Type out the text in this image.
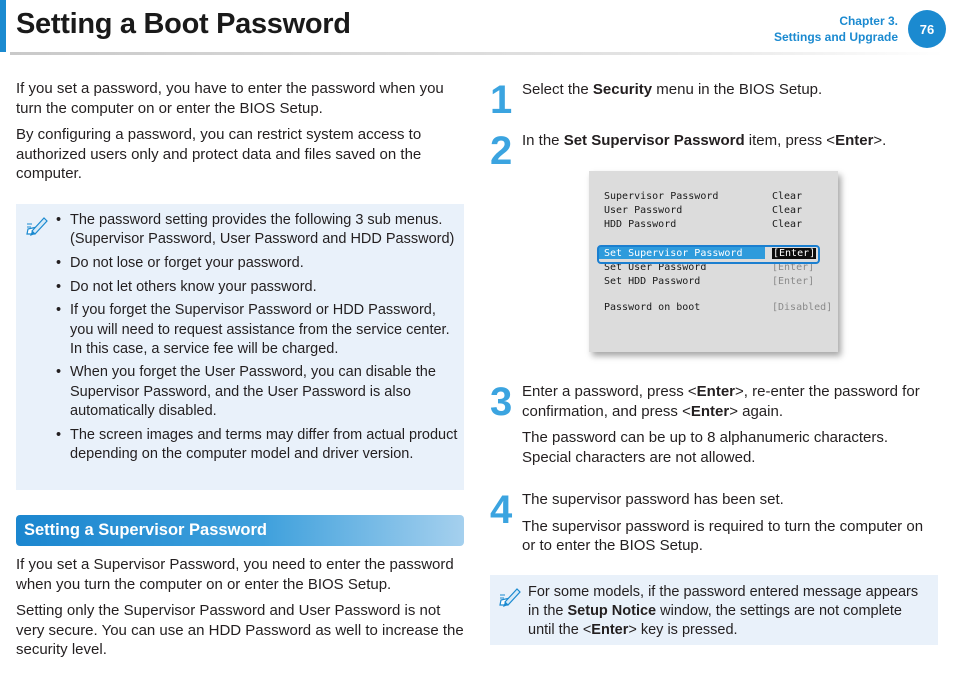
Setting a Boot Password	Chapter 3.
Settings and Upgrade
76

If you set a password, you have to enter the password when you turn the computer on or enter the BIOS Setup.

By configuring a password, you can restrict system access to authorized users only and protect data and files saved on the computer.

• The password setting provides the following 3 sub menus. (Supervisor Password, User Password and HDD Password)
• Do not lose or forget your password.
• Do not let others know your password.
• If you forget the Supervisor Password or HDD Password, you will need to request assistance from the service center. In this case, a service fee will be charged.
• When you forget the User Password, you can disable the Supervisor Password, and the User Password is also automatically disabled.
• The screen images and terms may differ from actual product depending on the computer model and driver version.
Setting a Supervisor Password

If you set a Supervisor Password, you need to enter the password when you turn the computer on or enter the BIOS Setup.

Setting only the Supervisor Password and User Password is not very secure. You can use an HDD Password as well to increase the security level.

1 Select the Security menu in the BIOS Setup.

2 In the Set Supervisor Password item, press <Enter>.

Supervisor Password	Clear
User Password	Clear
HDD Password	Clear
Set Supervisor Password	[Enter]
Set User Password	[Enter]
Set HDD Password	[Enter]
Password on boot	[Disabled]
3 Enter a password, press <Enter>, re-enter the password for confirmation, and press <Enter> again.

The password can be up to 8 alphanumeric characters. Special characters are not allowed.

4 The supervisor password has been set.

The supervisor password is required to turn the computer on or to enter the BIOS Setup.

For some models, if the password entered message appears in the Setup Notice window, the settings are not complete until the <Enter> key is pressed.
